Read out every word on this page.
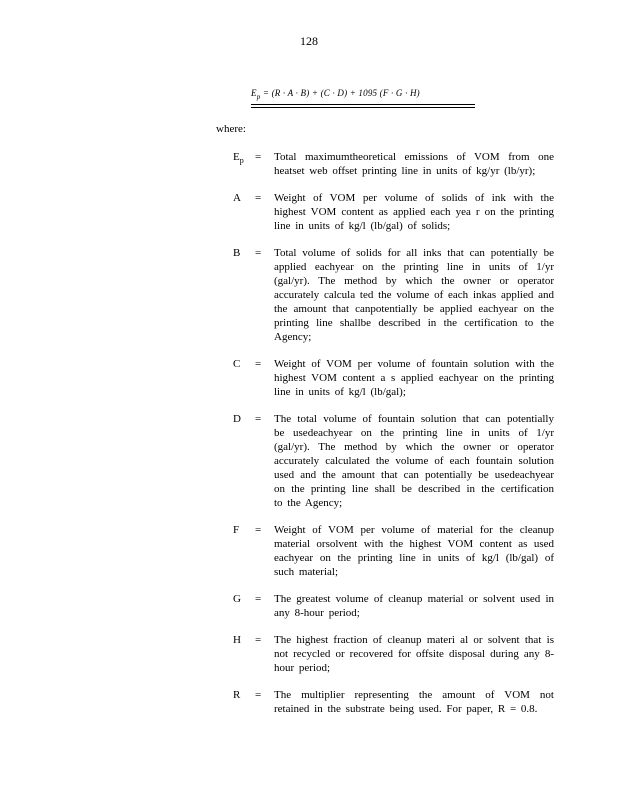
128
$E_p = (R \cdot A \cdot B) + (C \cdot D) + 1095$ (F · G · H)
where:
$E_p$	=	Total maximumtheoretical emissions of VOM from one heatset web offset printing line in units of kg/yr (lb/yr);
A	=	Weight of VOM per volume of solids of ink with the highest VOM content as applied each yea r on the printing line in units of kg/l (lb/gal) of solids;
B	=	Total volume of solids for all inks that can potentially be applied eachyear on the printing line in units of 1/yr (gal/yr). The method by which the owner or operator accurately calcula ted the volume of each inkas applied and the amount that canpotentially be applied eachyear on the printing line shallbe described in the certification to the Agency;
C	=	Weight of VOM per volume of fountain solution with the highest VOM content a s applied eachyear on the printing line in units of kg/l (lb/gal);
D	=	The total volume of fountain solution that can potentially be usedeachyear on the printing line in units of 1/yr (gal/yr). The method by which the owner or operator accurately calculated the volume of each fountain solution used and the amount that can potentially be usedeachyear on the printing line shall be described in the certification to the Agency;
F	=	Weight of VOM per volume of material for the cleanup material orsolvent with the highest VOM content as used eachyear on the printing line in units of kg/l (lb/gal) of such material;
G	=	The greatest volume of cleanup material or solvent used in any 8-hour period;
H	=	The highest fraction of cleanup materi al or solvent that is not recycled or recovered for offsite disposal during any 8-hour period;
R	=	The multiplier representing the amount of VOM not retained in the substrate being used. For paper, R = 0.8.
